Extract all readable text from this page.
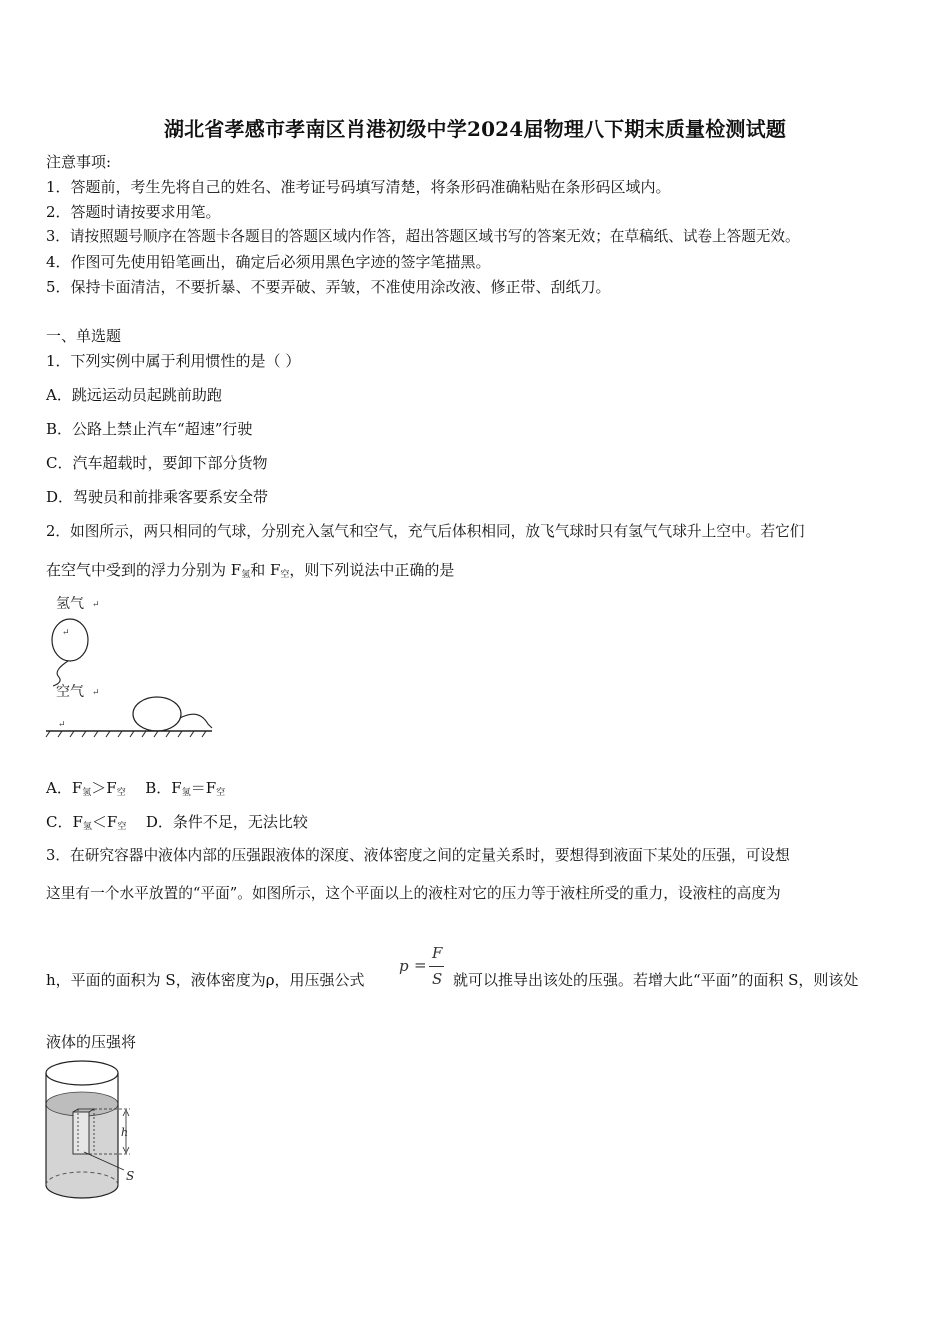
湖北省孝感市孝南区肖港初级中学2024届物理八下期末质量检测试题
注意事项:
1．答题前，考生先将自己的姓名、准考证号码填写清楚，将条形码准确粘贴在条形码区域内。
2．答题时请按要求用笔。
3．请按照题号顺序在答题卡各题目的答题区域内作答，超出答题区域书写的答案无效；在草稿纸、试卷上答题无效。
4．作图可先使用铅笔画出，确定后必须用黑色字迹的签字笔描黑。
5．保持卡面清洁，不要折暴、不要弄破、弄皱，不准使用涂改液、修正带、刮纸刀。
一、单选题
1．下列实例中属于利用惯性的是（ ）
A．跳远运动员起跳前助跑
B．公路上禁止汽车“超速”行驶
C．汽车超载时，要卸下部分货物
D．驾驶员和前排乘客要系安全带
2．如图所示，两只相同的气球，分别充入氢气和空气，充气后体积相同，放飞气球时只有氢气气球升上空中。若它们
在空气中受到的浮力分别为 $F_氢$和 $F_空$，则下列说法中正确的是
氢气 ↵
↵
空气 ↵
↵
A．$F_氢>F_空$ B．$F_氢=F_空$
C．$F_氢<F_空$ D．条件不足，无法比较
3．在研究容器中液体内部的压强跟液体的深度、液体密度之间的定量关系时，要想得到液面下某处的压强，可设想
这里有一个水平放置的“平面”。如图所示，这个平面以上的液柱对它的压力等于液柱所受的重力，设液柱的高度为
h，平面的面积为 S，液体密度为ρ，用压强公式
p =
F
S 就可以推导出该处的压强。若增大此“平面”的面积 S，则该处
液体的压强将
h
S
